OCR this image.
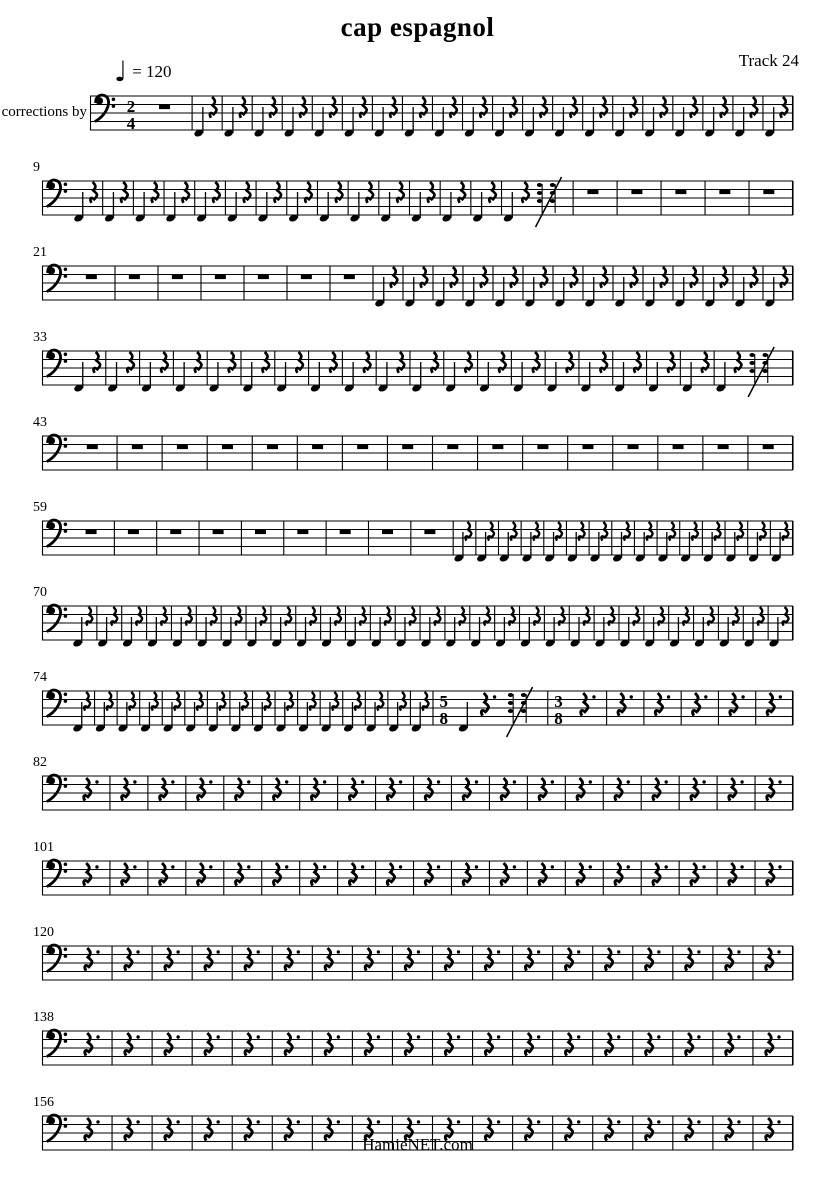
cap espagnol
Track 24
♩ = 120
corrections by 2
4
9
21
33
43
59
70
74
5
8
3
8
82
101
120
138
156
HamieNET.com
